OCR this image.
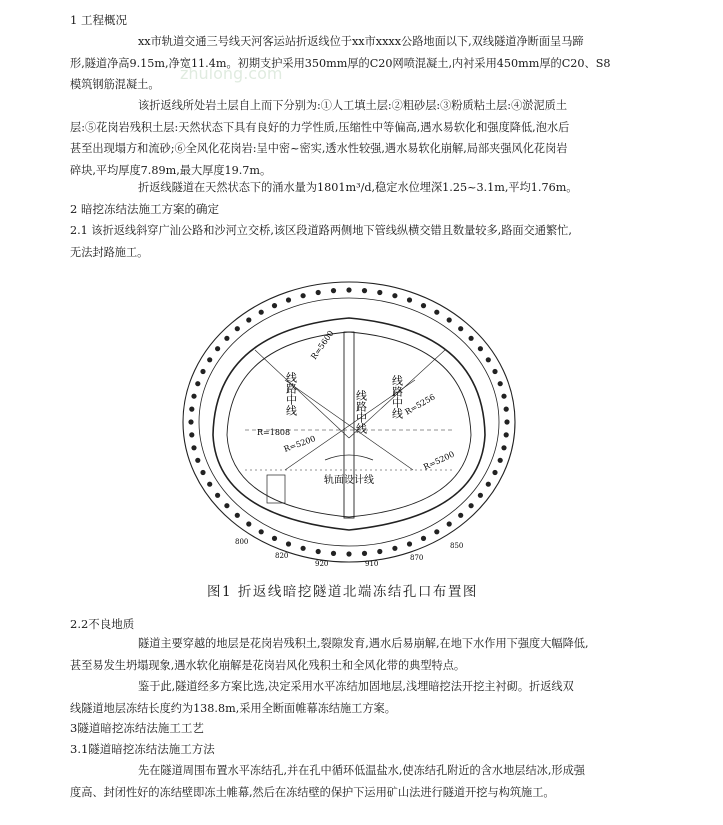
zhulong.com
1 工程概况
xx市轨道交通三号线天河客运站折返线位于xx市xxxx公路地面以下,双线隧道净断面呈马蹄
形,隧道净高9.15m,净宽11.4m。初期支护采用350mm厚的C20网喷混凝土,内衬采用450mm厚的C20、S8
模筑钢筋混凝土。
该折返线所处岩土层自上而下分别为:①人工填土层:②粗砂层:③粉质粘土层:④淤泥质土
层:⑤花岗岩残积土层:天然状态下具有良好的力学性质,压缩性中等偏高,遇水易软化和强度降低,泡水后
甚至出现塌方和流砂;⑥全风化花岗岩:呈中密~密实,透水性较强,遇水易软化崩解,局部夹强风化花岗岩
碎块,平均厚度7.89m,最大厚度19.7m。
折返线隧道在天然状态下的涌水量为1801m³/d,稳定水位埋深1.25~3.1m,平均1.76m。
2 暗挖冻结法施工方案的确定
2.1 该折返线斜穿广汕公路和沙河立交桥,该区段道路两侧地下管线纵横交错且数量较多,路面交通繁忙,
无法封路施工。
线路中线	线路中线 线路中线
轨面设计线
R=5600
R=5256
R=1808
R=5200
R=5200
800
820
920	910
870
850
图1 折返线暗挖隧道北端冻结孔口布置图
2.2不良地质
隧道主要穿越的地层是花岗岩残积土,裂隙发育,遇水后易崩解,在地下水作用下强度大幅降低,
甚至易发生坍塌现象,遇水软化崩解是花岗岩风化残积土和全风化带的典型特点。
鉴于此,隧道经多方案比选,决定采用水平冻结加固地层,浅埋暗挖法开挖主衬砌。折返线双
线隧道地层冻结长度约为138.8m,采用全断面帷幕冻结施工方案。
3隧道暗挖冻结法施工工艺
3.1隧道暗挖冻结法施工方法
先在隧道周围布置水平冻结孔,并在孔中循环低温盐水,使冻结孔附近的含水地层结冰,形成强
度高、封闭性好的冻结壁即冻土帷幕,然后在冻结壁的保护下运用矿山法进行隧道开挖与构筑施工。
